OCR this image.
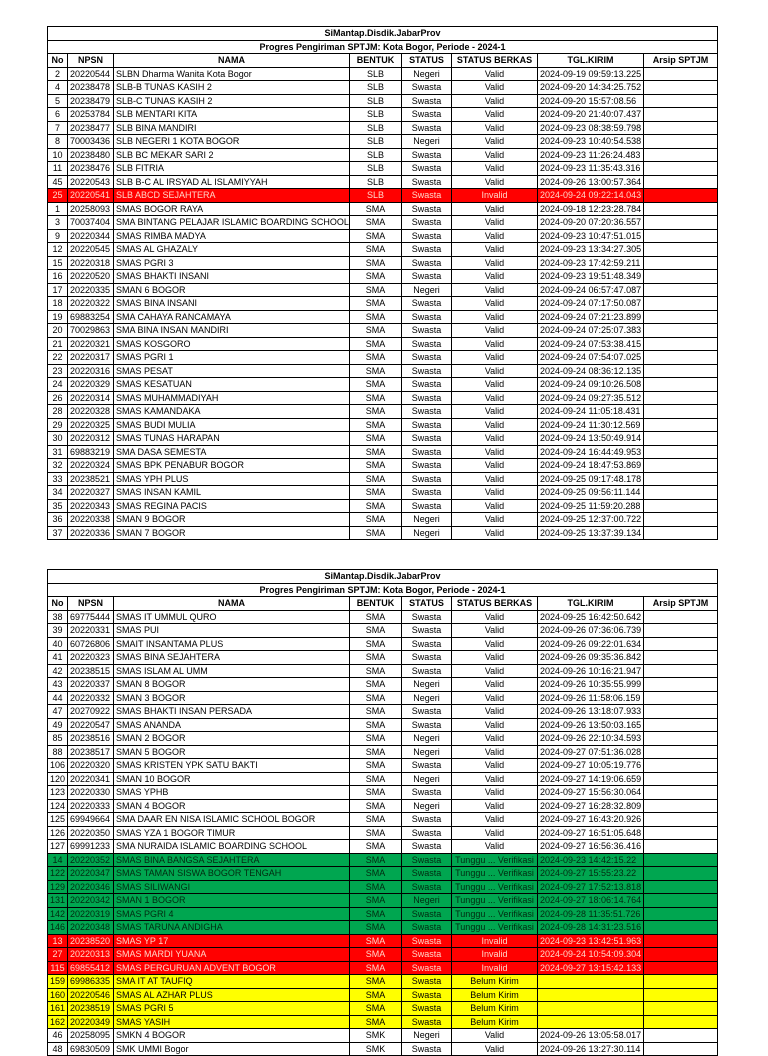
SiMantap.Disdik.JabarProv							
Progres Pengiriman SPTJM: Kota Bogor, Periode - 2024-1							
No	NPSN	NAMA	BENTUK	STATUS	STATUS BERKAS	TGL.KIRIM	Arsip SPTJM
2	20220544	SLBN Dharma Wanita Kota Bogor	SLB	Negeri	Valid	2024-09-19 09:59:13.225	
4	20238478	SLB-B TUNAS KASIH 2	SLB	Swasta	Valid	2024-09-20 14:34:25.752	
5	20238479	SLB-C TUNAS KASIH 2	SLB	Swasta	Valid	2024-09-20 15:57:08.56	
6	20253784	SLB MENTARI KITA	SLB	Swasta	Valid	2024-09-20 21:40:07.437	
7	20238477	SLB BINA MANDIRI	SLB	Swasta	Valid	2024-09-23 08:38:59.798	
8	70003436	SLB NEGERI 1 KOTA BOGOR	SLB	Negeri	Valid	2024-09-23 10:40:54.538	
10	20238480	SLB BC MEKAR SARI 2	SLB	Swasta	Valid	2024-09-23 11:26:24.483	
11	20238476	SLB FITRIA	SLB	Swasta	Valid	2024-09-23 11:35:43.316	
45	20220543	SLB B-C AL IRSYAD AL ISLAMIYYAH	SLB	Swasta	Valid	2024-09-26 13:00:57.364	
25	20220541	SLB ABCD SEJAHTERA	SLB	Swasta	Invalid	2024-09-24 09:22:14.043	
1	20258093	SMAS BOGOR RAYA	SMA	Swasta	Valid	2024-09-18 12:23:28.784	
3	70037404	SMA BINTANG PELAJAR ISLAMIC BOARDING SCHOOL	SMA	Swasta	Valid	2024-09-20 07:20:36.557	
9	20220344	SMAS RIMBA MADYA	SMA	Swasta	Valid	2024-09-23 10:47:51.015	
12	20220545	SMAS AL GHAZALY	SMA	Swasta	Valid	2024-09-23 13:34:27.305	
15	20220318	SMAS PGRI 3	SMA	Swasta	Valid	2024-09-23 17:42:59.211	
16	20220520	SMAS BHAKTI INSANI	SMA	Swasta	Valid	2024-09-23 19:51:48.349	
17	20220335	SMAN 6 BOGOR	SMA	Negeri	Valid	2024-09-24 06:57:47.087	
18	20220322	SMAS BINA INSANI	SMA	Swasta	Valid	2024-09-24 07:17:50.087	
19	69883254	SMA CAHAYA RANCAMAYA	SMA	Swasta	Valid	2024-09-24 07:21:23.899	
20	70029863	SMA BINA INSAN MANDIRI	SMA	Swasta	Valid	2024-09-24 07:25:07.383	
21	20220321	SMAS KOSGORO	SMA	Swasta	Valid	2024-09-24 07:53:38.415	
22	20220317	SMAS PGRI 1	SMA	Swasta	Valid	2024-09-24 07:54:07.025	
23	20220316	SMAS PESAT	SMA	Swasta	Valid	2024-09-24 08:36:12.135	
24	20220329	SMAS KESATUAN	SMA	Swasta	Valid	2024-09-24 09:10:26.508	
26	20220314	SMAS MUHAMMADIYAH	SMA	Swasta	Valid	2024-09-24 09:27:35.512	
28	20220328	SMAS KAMANDAKA	SMA	Swasta	Valid	2024-09-24 11:05:18.431	
29	20220325	SMAS BUDI MULIA	SMA	Swasta	Valid	2024-09-24 11:30:12.569	
30	20220312	SMAS TUNAS HARAPAN	SMA	Swasta	Valid	2024-09-24 13:50:49.914	
31	69883219	SMA DASA SEMESTA	SMA	Swasta	Valid	2024-09-24 16:44:49.953	
32	20220324	SMAS BPK PENABUR BOGOR	SMA	Swasta	Valid	2024-09-24 18:47:53.869	
33	20238521	SMAS YPH PLUS	SMA	Swasta	Valid	2024-09-25 09:17:48.178	
34	20220327	SMAS INSAN KAMIL	SMA	Swasta	Valid	2024-09-25 09:56:11.144	
35	20220343	SMAS REGINA PACIS	SMA	Swasta	Valid	2024-09-25 11:59:20.288	
36	20220338	SMAN 9 BOGOR	SMA	Negeri	Valid	2024-09-25 12:37:00.722	
37	20220336	SMAN 7 BOGOR	SMA	Negeri	Valid	2024-09-25 13:37:39.134	
SiMantap.Disdik.JabarProv							
Progres Pengiriman SPTJM: Kota Bogor, Periode - 2024-1							
No	NPSN	NAMA	BENTUK	STATUS	STATUS BERKAS	TGL.KIRIM	Arsip SPTJM
38	69775444	SMAS IT UMMUL QURO	SMA	Swasta	Valid	2024-09-25 16:42:50.642	
39	20220331	SMAS PUI	SMA	Swasta	Valid	2024-09-26 07:36:06.739	
40	60726806	SMAIT INSANTAMA PLUS	SMA	Swasta	Valid	2024-09-26 09:22:01.634	
41	20220323	SMAS BINA SEJAHTERA	SMA	Swasta	Valid	2024-09-26 09:35:36.842	
42	20238515	SMAS ISLAM AL UMM	SMA	Swasta	Valid	2024-09-26 10:16:21.947	
43	20220337	SMAN 8 BOGOR	SMA	Negeri	Valid	2024-09-26 10:35:55.999	
44	20220332	SMAN 3 BOGOR	SMA	Negeri	Valid	2024-09-26 11:58:06.159	
47	20270922	SMAS BHAKTI INSAN PERSADA	SMA	Swasta	Valid	2024-09-26 13:18:07.933	
49	20220547	SMAS ANANDA	SMA	Swasta	Valid	2024-09-26 13:50:03.165	
85	20238516	SMAN 2 BOGOR	SMA	Negeri	Valid	2024-09-26 22:10:34.593	
88	20238517	SMAN 5 BOGOR	SMA	Negeri	Valid	2024-09-27 07:51:36.028	
106	20220320	SMAS KRISTEN YPK SATU BAKTI	SMA	Swasta	Valid	2024-09-27 10:05:19.776	
120	20220341	SMAN 10 BOGOR	SMA	Negeri	Valid	2024-09-27 14:19:06.659	
123	20220330	SMAS YPHB	SMA	Swasta	Valid	2024-09-27 15:56:30.064	
124	20220333	SMAN 4 BOGOR	SMA	Negeri	Valid	2024-09-27 16:28:32.809	
125	69949664	SMA DAAR EN NISA ISLAMIC SCHOOL BOGOR	SMA	Swasta	Valid	2024-09-27 16:43:20.926	
126	20220350	SMAS YZA 1 BOGOR TIMUR	SMA	Swasta	Valid	2024-09-27 16:51:05.648	
127	69991233	SMA NURAIDA ISLAMIC BOARDING SCHOOL	SMA	Swasta	Valid	2024-09-27 16:56:36.416	
14	20220352	SMAS BINA BANGSA SEJAHTERA	SMA	Swasta	Tunggu ... Verifikasi	2024-09-23 14:42:15.22	
122	20220347	SMAS TAMAN SISWA BOGOR TENGAH	SMA	Swasta	Tunggu ... Verifikasi	2024-09-27 15:55:23.22	
129	20220346	SMAS SILIWANGI	SMA	Swasta	Tunggu ... Verifikasi	2024-09-27 17:52:13.818	
131	20220342	SMAN 1 BOGOR	SMA	Negeri	Tunggu ... Verifikasi	2024-09-27 18:06:14.764	
142	20220319	SMAS PGRI 4	SMA	Swasta	Tunggu ... Verifikasi	2024-09-28 11:35:51.726	
146	20220348	SMAS TARUNA ANDIGHA	SMA	Swasta	Tunggu ... Verifikasi	2024-09-28 14:31:23.516	
13	20238520	SMAS YP 17	SMA	Swasta	Invalid	2024-09-23 13:42:51.963	
27	20220313	SMAS MARDI YUANA	SMA	Swasta	Invalid	2024-09-24 10:54:09.304	
115	69855412	SMAS PERGURUAN ADVENT BOGOR	SMA	Swasta	Invalid	2024-09-27 13:15:42.133	
159	69986335	SMA IT AT TAUFIQ	SMA	Swasta	Belum Kirim		
160	20220546	SMAS AL AZHAR PLUS	SMA	Swasta	Belum Kirim		
161	20238519	SMAS PGRI 5	SMA	Swasta	Belum Kirim		
162	20220349	SMAS YASIH	SMA	Swasta	Belum Kirim		
46	20258095	SMKN 4 BOGOR	SMK	Negeri	Valid	2024-09-26 13:05:58.017	
48	69830509	SMK UMMI Bogor	SMK	Swasta	Valid	2024-09-26 13:27:30.114	
